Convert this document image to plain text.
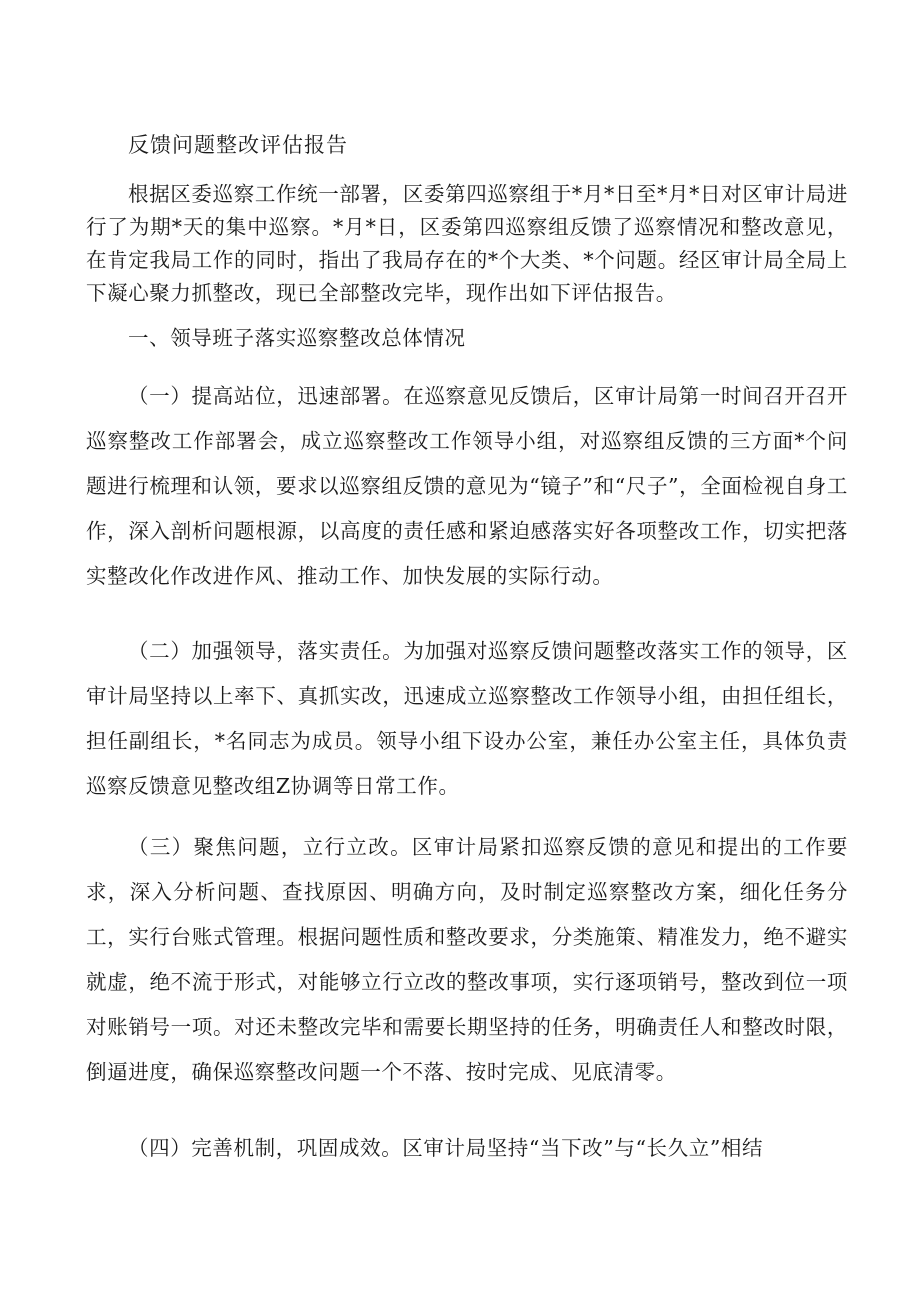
反馈问题整改评估报告

根据区委巡察工作统一部署，区委第四巡察组于*月*日至*月*日对区审计局进行了为期*天的集中巡察。*月*日，区委第四巡察组反馈了巡察情况和整改意见，在肯定我局工作的同时，指出了我局存在的*个大类、*个问题。经区审计局全局上下凝心聚力抓整改，现已全部整改完毕，现作出如下评估报告。

一、领导班子落实巡察整改总体情况

（一）提高站位，迅速部署。在巡察意见反馈后，区审计局第一时间召开召开巡察整改工作部署会，成立巡察整改工作领导小组，对巡察组反馈的三方面*个问题进行梳理和认领，要求以巡察组反馈的意见为“镜子”和“尺子”，全面检视自身工作，深入剖析问题根源，以高度的责任感和紧迫感落实好各项整改工作，切实把落实整改化作改进作风、推动工作、加快发展的实际行动。

（二）加强领导，落实责任。为加强对巡察反馈问题整改落实工作的领导，区审计局坚持以上率下、真抓实改，迅速成立巡察整改工作领导小组，由担任组长，担任副组长，*名同志为成员。领导小组下设办公室，兼任办公室主任，具体负责巡察反馈意见整改组Z协调等日常工作。

（三）聚焦问题，立行立改。区审计局紧扣巡察反馈的意见和提出的工作要求，深入分析问题、查找原因、明确方向，及时制定巡察整改方案，细化任务分工，实行台账式管理。根据问题性质和整改要求，分类施策、精准发力，绝不避实就虚，绝不流于形式，对能够立行立改的整改事项，实行逐项销号，整改到位一项对账销号一项。对还未整改完毕和需要长期坚持的任务，明确责任人和整改时限，倒逼进度，确保巡察整改问题一个不落、按时完成、见底清零。

（四）完善机制，巩固成效。区审计局坚持“当下改”与“长久立”相结
